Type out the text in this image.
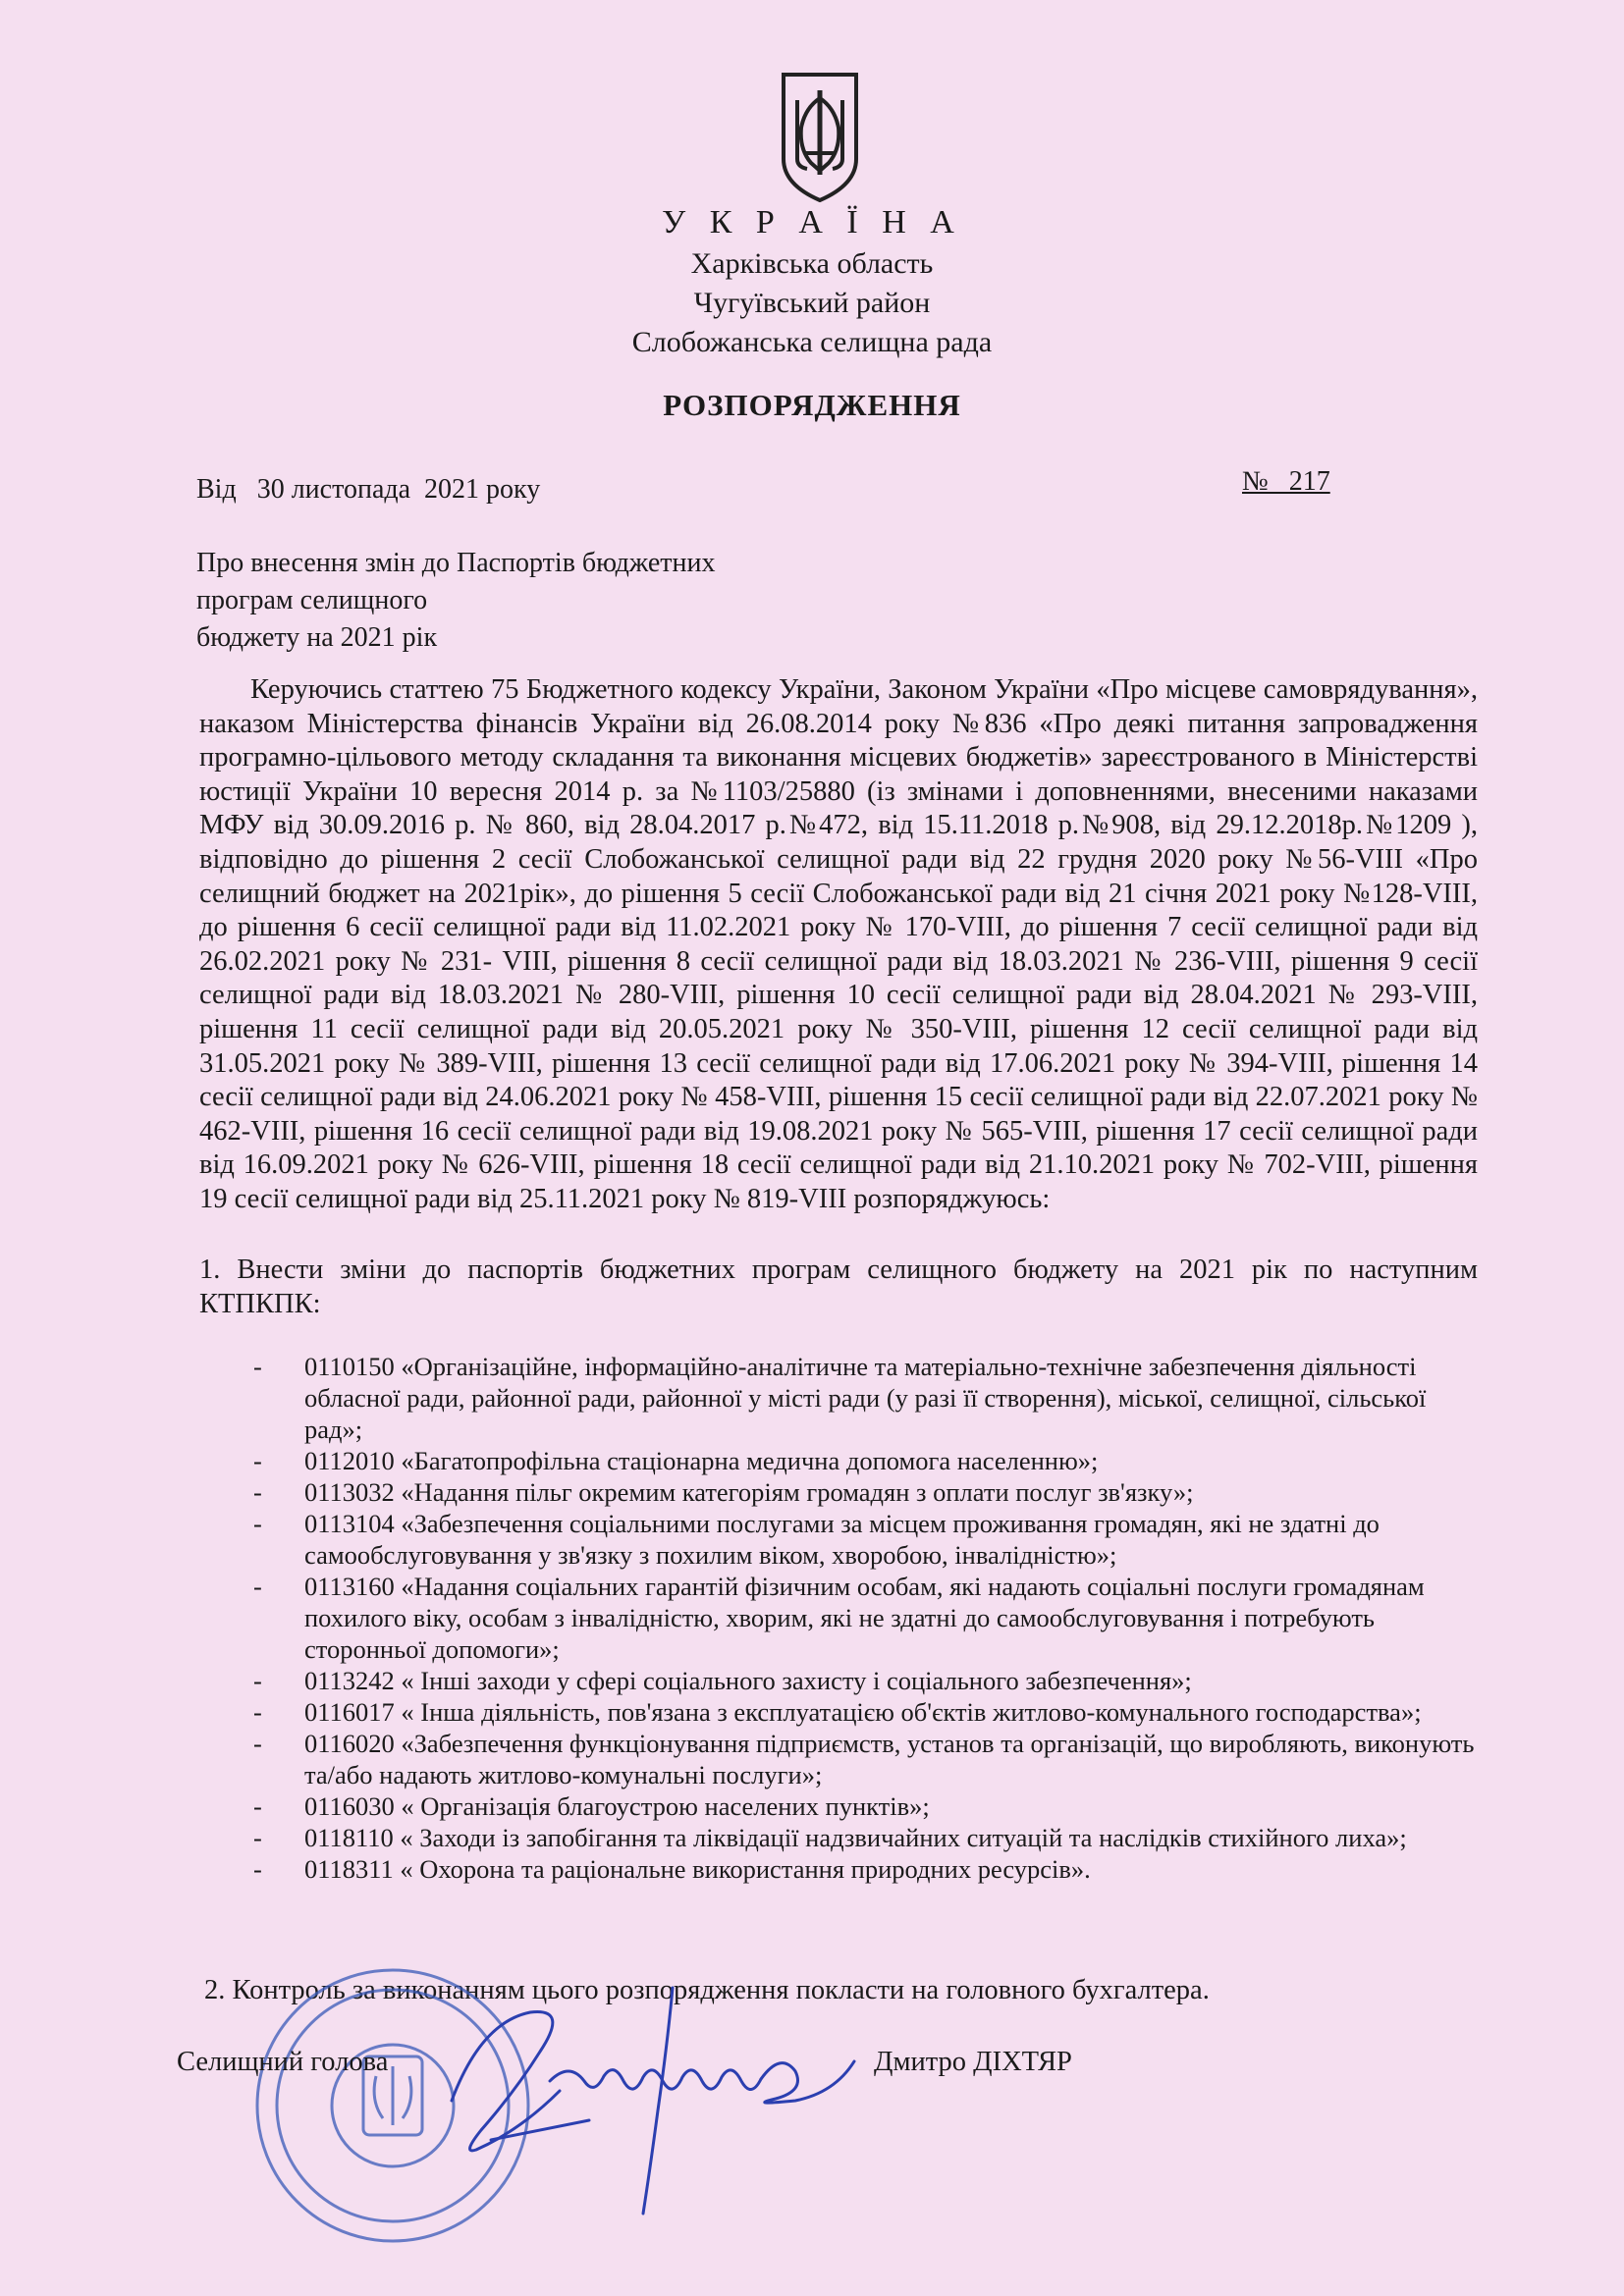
У К Р А Ї Н А
Харківська область
Чугуївський район
Слобожанська селищна рада
РОЗПОРЯДЖЕННЯ
Від   30 листопада  2021 року	№   217
Про внесення змін до Паспортів бюджетних
програм селищного
бюджету на 2021 рік
Керуючись статтею 75 Бюджетного кодексу України, Законом України «Про місцеве самоврядування», наказом Міністерства фінансів України від 26.08.2014 року №836 «Про деякі питання запровадження програмно-цільового методу складання та виконання місцевих бюджетів» зареєстрованого в Міністерстві юстиції України 10 вересня 2014 р. за №1103/25880 (із змінами і доповненнями, внесеними наказами МФУ від 30.09.2016 р. № 860, від 28.04.2017 р.№472, від 15.11.2018 р.№908, від 29.12.2018р.№1209 ), відповідно до рішення 2 сесії Слобожанської селищної ради від 22 грудня 2020 року №56-VIII «Про селищний бюджет на 2021рік», до рішення 5 сесії Слобожанської ради від 21 січня 2021 року №128-VIII, до рішення 6 сесії селищної ради від 11.02.2021 року № 170-VIII, до рішення 7 сесії селищної ради від 26.02.2021 року № 231- VIII, рішення 8 сесії селищної ради від 18.03.2021 № 236-VIII, рішення 9 сесії селищної ради від 18.03.2021 № 280-VIII, рішення 10 сесії селищної ради від 28.04.2021 № 293-VIII, рішення 11 сесії селищної ради від 20.05.2021 року № 350-VIII, рішення 12 сесії селищної ради від 31.05.2021 року № 389-VIII, рішення 13 сесії селищної ради від 17.06.2021 року № 394-VIII, рішення 14 сесії селищної ради від 24.06.2021 року № 458-VIII, рішення 15 сесії селищної ради від 22.07.2021 року № 462-VIII, рішення 16 сесії селищної ради від 19.08.2021 року № 565-VIII, рішення 17 сесії селищної ради від 16.09.2021 року № 626-VIII, рішення 18 сесії селищної ради від 21.10.2021 року № 702-VIII, рішення 19 сесії селищної ради від 25.11.2021 року № 819-VIII розпоряджуюсь:
1. Внести зміни до паспортів бюджетних програм селищного бюджету на 2021 рік по наступним КТПКПК:
- 0110150 «Організаційне, інформаційно-аналітичне та матеріально-технічне забезпечення діяльності обласної ради, районної ради, районної у місті ради (у разі її створення), міської, селищної, сільської рад»;
- 0112010 «Багатопрофільна стаціонарна медична допомога населенню»;
- 0113032 «Надання пільг окремим категоріям громадян з оплати послуг зв'язку»;
- 0113104 «Забезпечення соціальними послугами за місцем проживання громадян, які не здатні до самообслуговування у зв'язку з похилим віком, хворобою, інвалідністю»;
- 0113160 «Надання соціальних гарантій фізичним особам, які надають соціальні послуги громадянам похилого віку, особам з інвалідністю, хворим, які не здатні до самообслуговування і потребують сторонньої допомоги»;
- 0113242 « Інші заходи у сфері соціального захисту і соціального забезпечення»;
- 0116017 « Інша діяльність, пов'язана з експлуатацією об'єктів житлово-комунального господарства»;
- 0116020 «Забезпечення функціонування підприємств, установ та організацій, що виробляють, виконують та/або надають житлово-комунальні послуги»;
- 0116030 « Організація благоустрою населених пунктів»;
- 0118110 « Заходи із запобігання та ліквідації надзвичайних ситуацій та наслідків стихійного лиха»;
- 0118311 « Охорона та раціональне використання природних ресурсів».
2. Контроль за виконанням цього розпорядження покласти на головного бухгалтера.
Селищний голова	Дмитро ДІХТЯР
